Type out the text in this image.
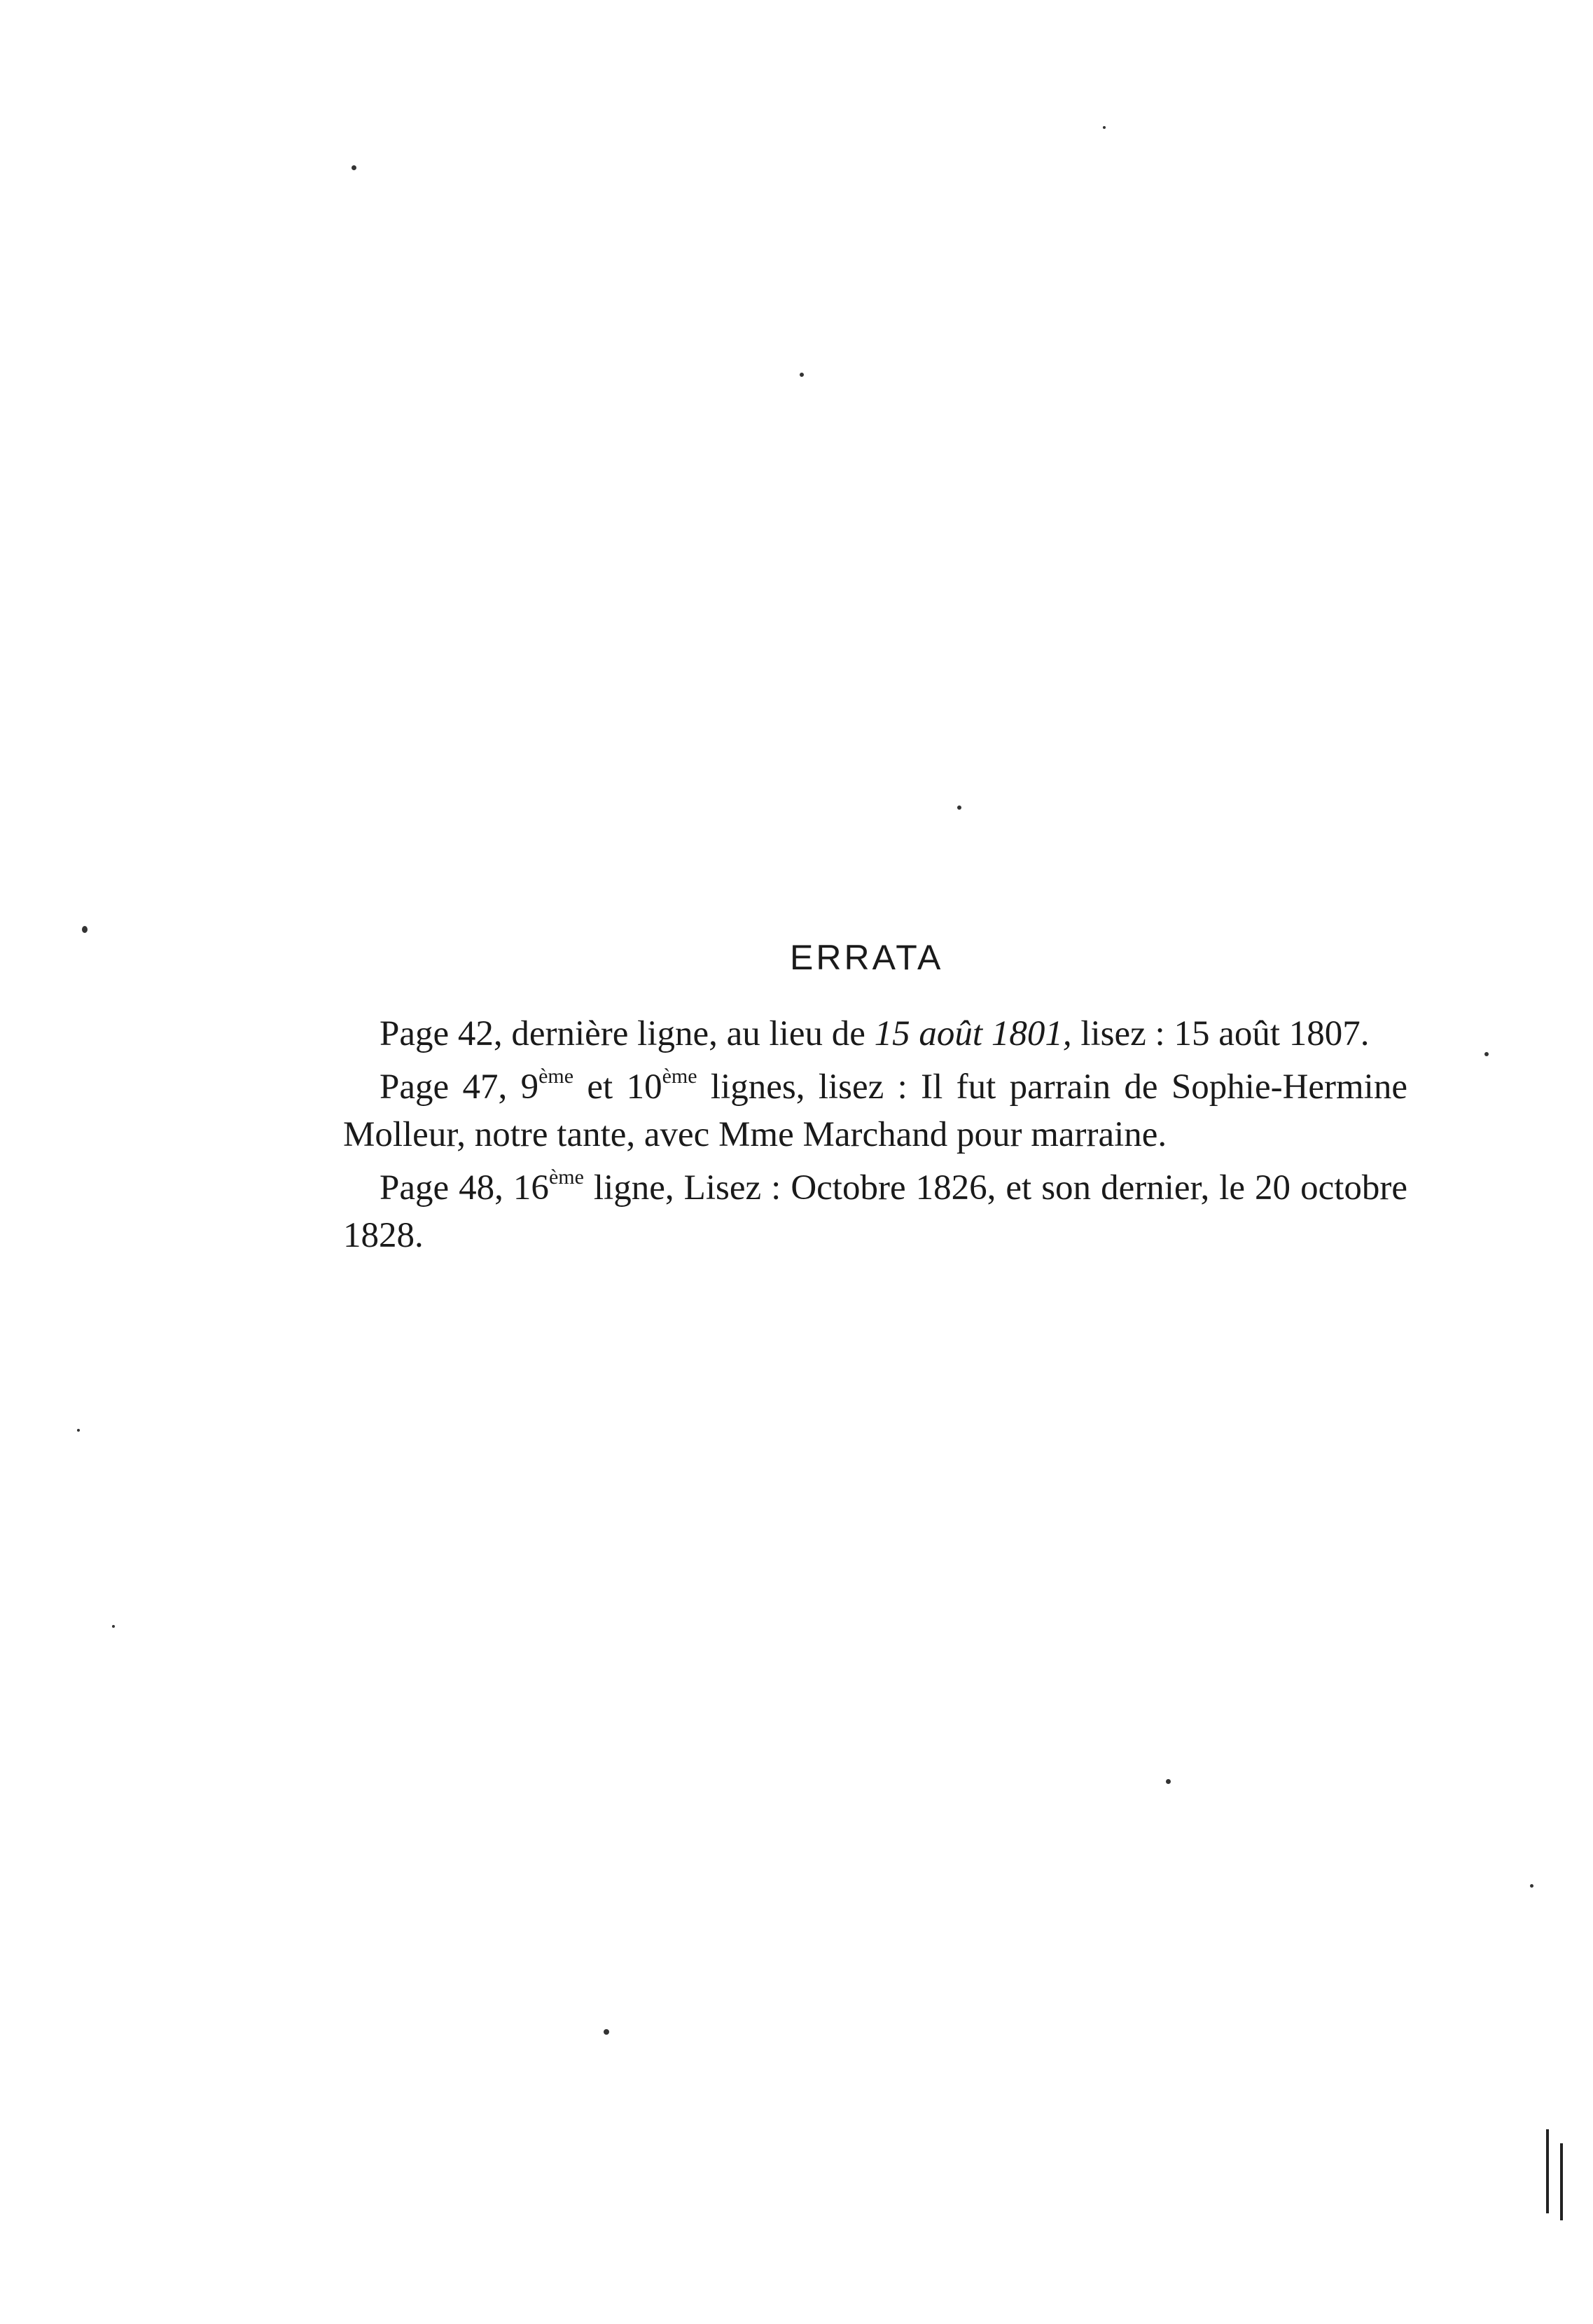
ERRATA

Page 42, dernière ligne, au lieu de 15 août 1801, lisez : 15 août 1807.

Page 47, 9ème et 10ème lignes, lisez : Il fut parrain de Sophie-Hermine Molleur, notre tante, avec Mme Marchand pour marraine.

Page 48, 16ème ligne, Lisez : Octobre 1826, et son dernier, le 20 octobre 1828.
